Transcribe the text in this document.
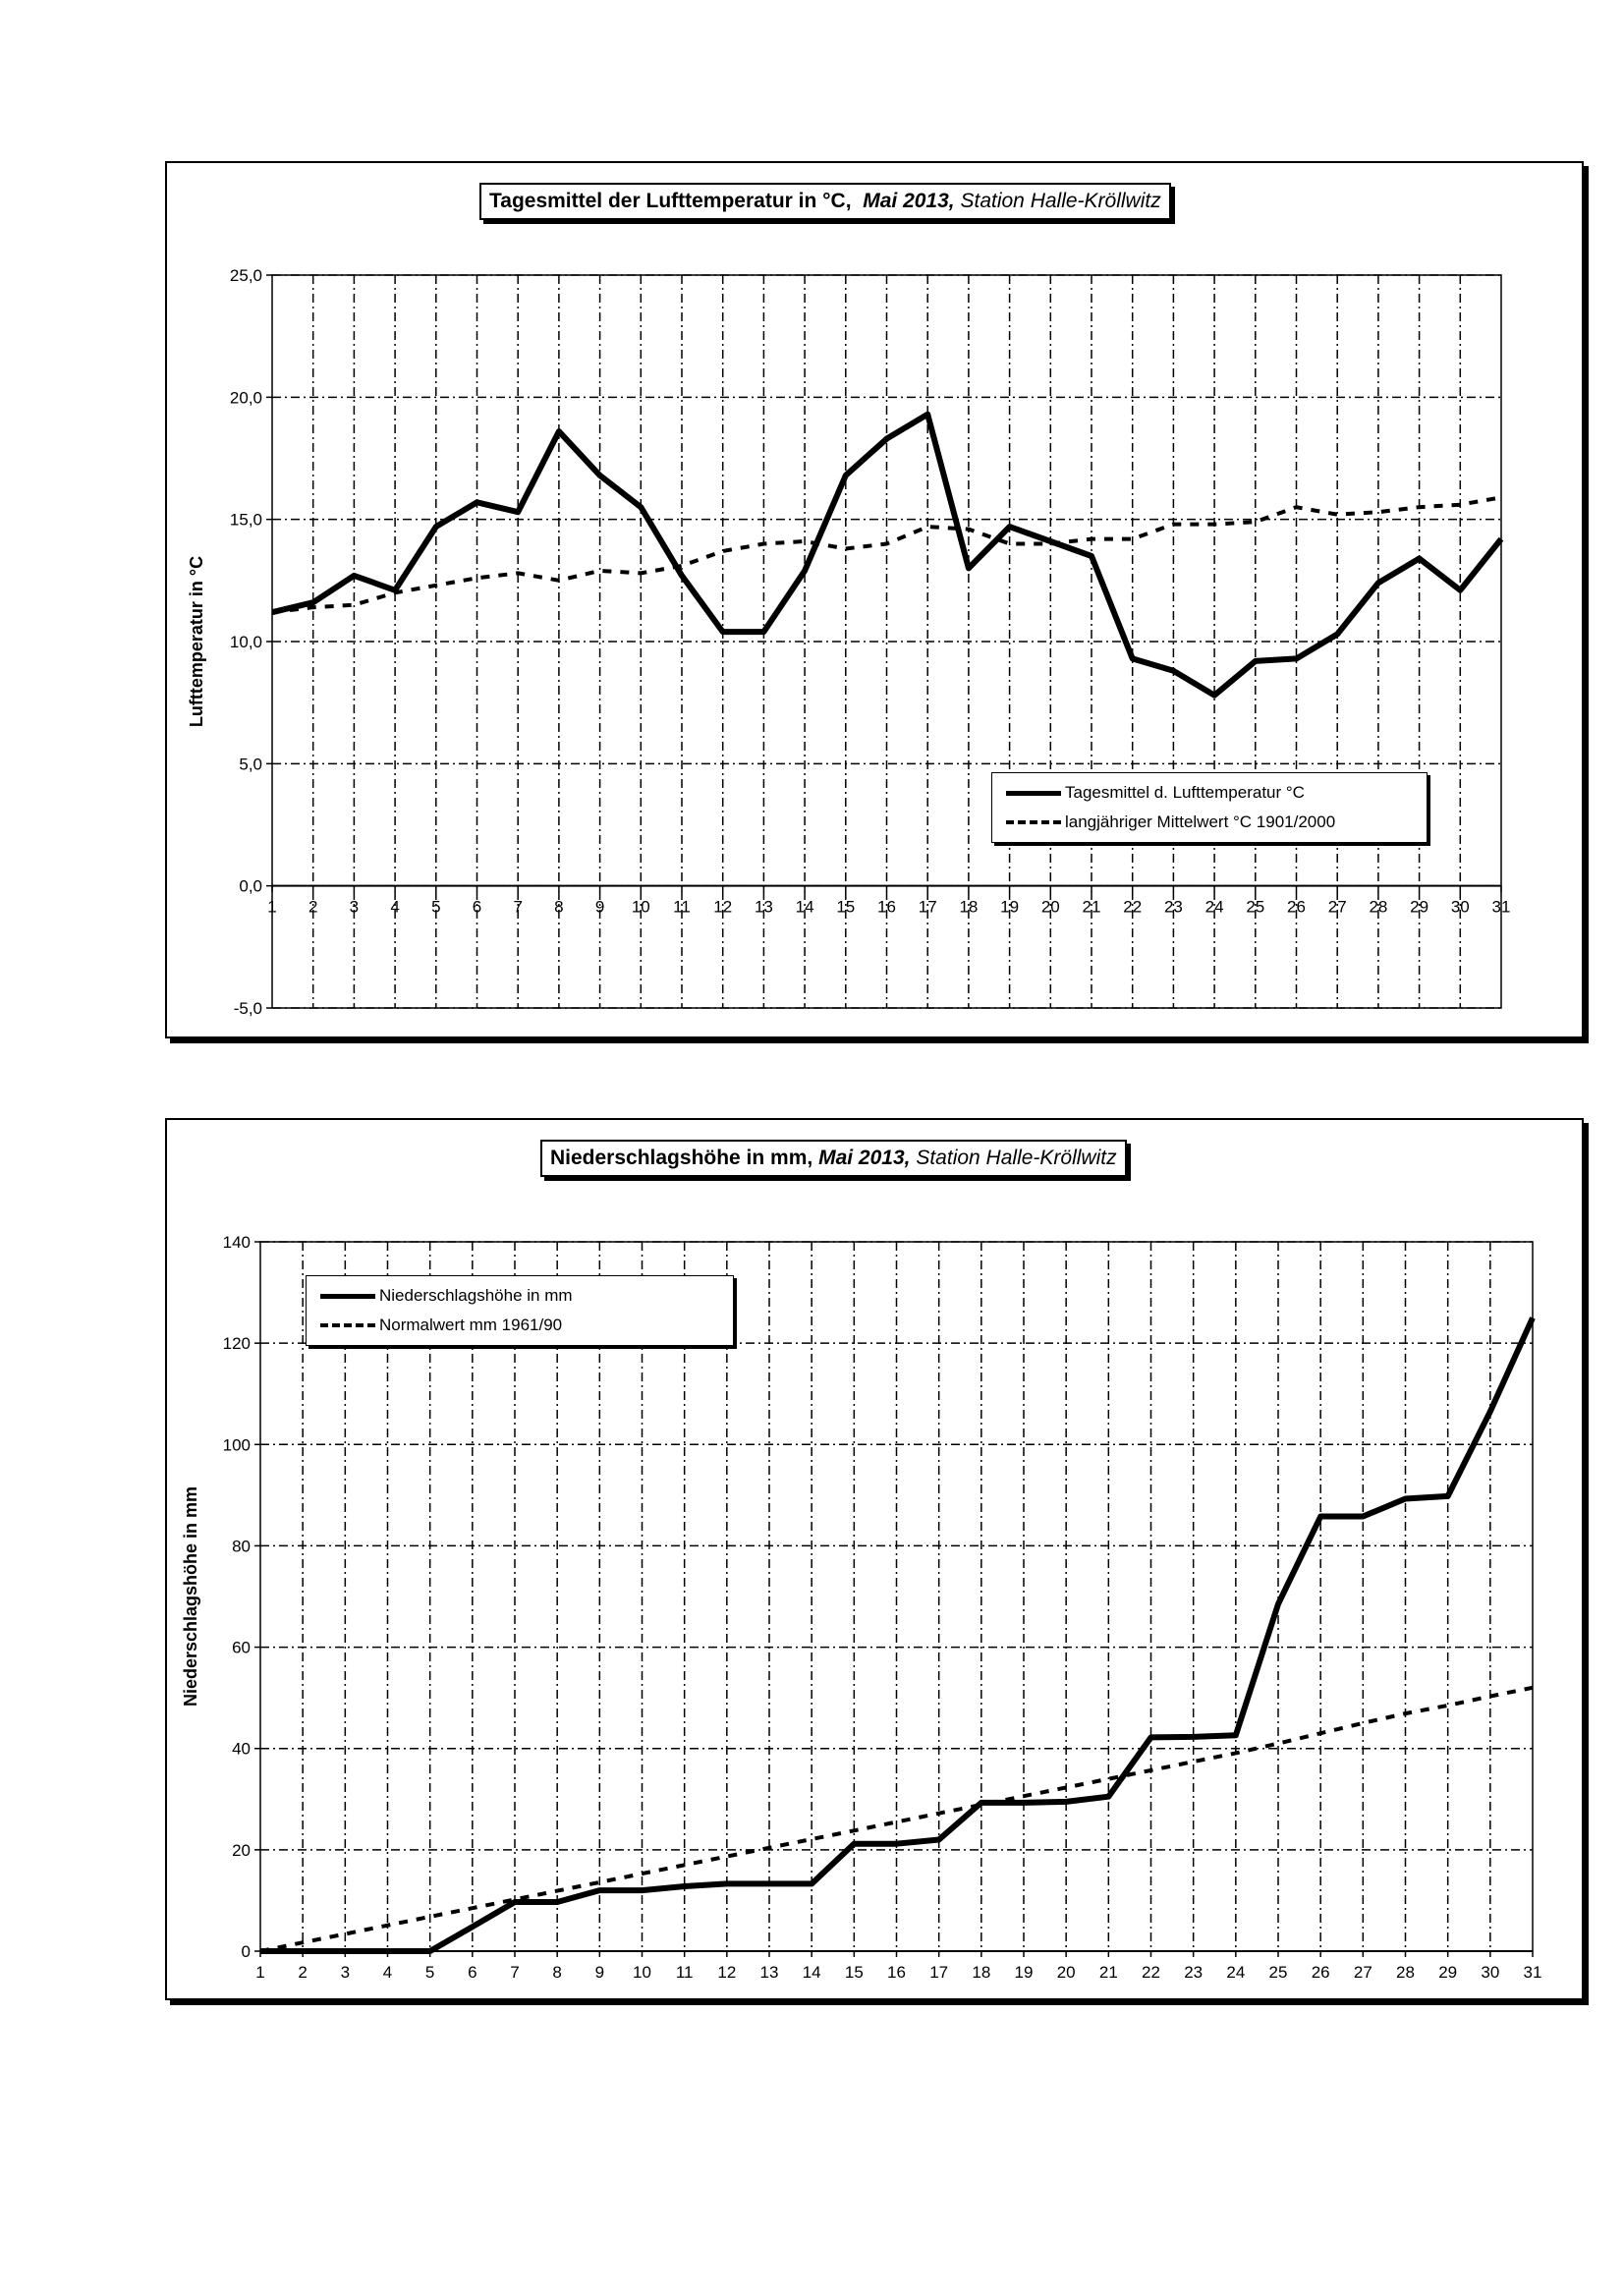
25,0
20,0
15,0
10,0
5,0
0,0
-5,0
1 2 3 4 5 6 7 8 9 10 11 12 13 14 15 16 17 18 19 20 21 22 23 24 25 26 27 28 29 30 31
Lufttemperatur in °C
Tagesmittel der Lufttemperatur in °C, Mai 2013, Station Halle-Kröllwitz
Tagesmittel d. Lufttemperatur °C
langjähriger Mittelwert °C 1901/2000
140
120
100
80
60
40
20
0
1 2 3 4 5 6 7 8 9 10 11 12 13 14 15 16 17 18 19 20 21 22 23 24 25 26 27 28 29 30 31
Niederschlagshöhe in mm
Niederschlagshöhe in mm, Mai 2013, Station Halle-Kröllwitz
Niederschlagshöhe in mm
Normalwert mm 1961/90
